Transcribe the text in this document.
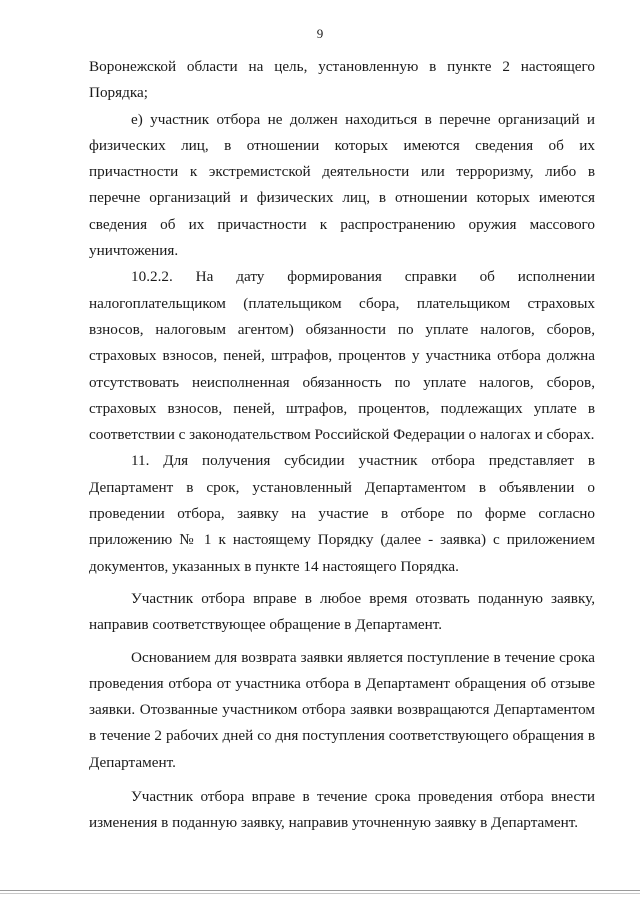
9

Воронежской области на цель, установленную в пункте 2 настоящего Порядка;

е) участник отбора не должен находиться в перечне организаций и физических лиц, в отношении которых имеются сведения об их причастности к экстремистской деятельности или терроризму, либо в перечне организаций и физических лиц, в отношении которых имеются сведения об их причастности к распространению оружия массового уничтожения.

10.2.2. На дату формирования справки об исполнении налогоплательщиком (плательщиком сбора, плательщиком страховых взносов, налоговым агентом) обязанности по уплате налогов, сборов, страховых взносов, пеней, штрафов, процентов у участника отбора должна отсутствовать неисполненная обязанность по уплате налогов, сборов, страховых взносов, пеней, штрафов, процентов, подлежащих уплате в соответствии с законодательством Российской Федерации о налогах и сборах.

11. Для получения субсидии участник отбора представляет в Департамент в срок, установленный Департаментом в объявлении о проведении отбора, заявку на участие в отборе по форме согласно приложению № 1 к настоящему Порядку (далее - заявка) с приложением документов, указанных в пункте 14 настоящего Порядка.

Участник отбора вправе в любое время отозвать поданную заявку, направив соответствующее обращение в Департамент.

Основанием для возврата заявки является поступление в течение срока проведения отбора от участника отбора в Департамент обращения об отзыве заявки. Отозванные участником отбора заявки возвращаются Департаментом в течение 2 рабочих дней со дня поступления соответствующего обращения в Департамент.

Участник отбора вправе в течение срока проведения отбора внести изменения в поданную заявку, направив уточненную заявку в Департамент.
